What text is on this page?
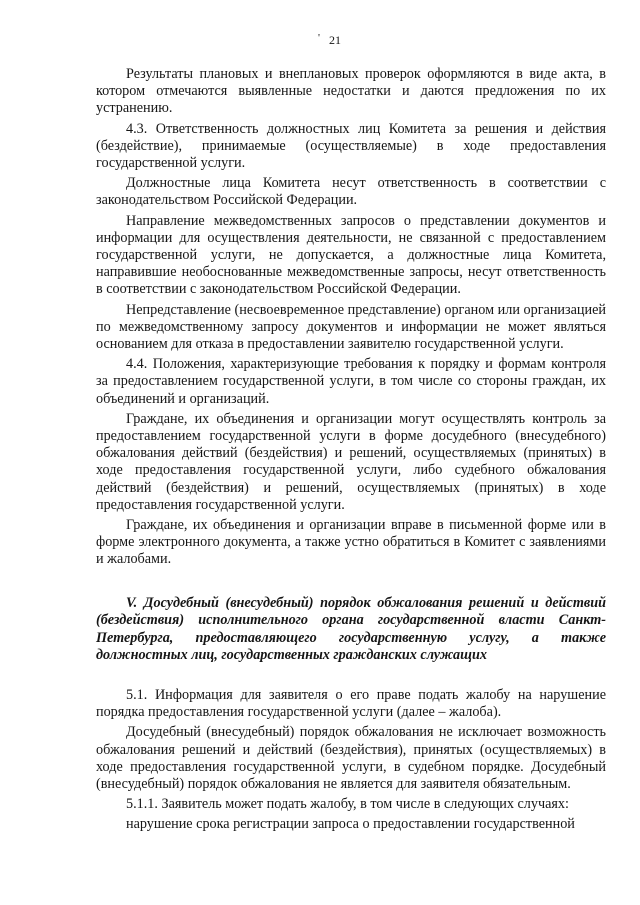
' 21

Результаты плановых и внеплановых проверок оформляются в виде акта, в котором отмечаются выявленные недостатки и даются предложения по их устранению.

4.3. Ответственность должностных лиц Комитета за решения и действия (бездействие), принимаемые (осуществляемые) в ходе предоставления государственной услуги.

Должностные лица Комитета несут ответственность в соответствии с законодательством Российской Федерации.

Направление межведомственных запросов о представлении документов и информации для осуществления деятельности, не связанной с предоставлением государственной услуги, не допускается, а должностные лица Комитета, направившие необоснованные межведомственные запросы, несут ответственность в соответствии с законодательством Российской Федерации.

Непредставление (несвоевременное представление) органом или организацией по межведомственному запросу документов и информации не может являться основанием для отказа в предоставлении заявителю государственной услуги.

4.4. Положения, характеризующие требования к порядку и формам контроля за предоставлением государственной услуги, в том числе со стороны граждан, их объединений и организаций.

Граждане, их объединения и организации могут осуществлять контроль за предоставлением государственной услуги в форме досудебного (внесудебного) обжалования действий (бездействия) и решений, осуществляемых (принятых) в ходе предоставления государственной услуги, либо судебного обжалования действий (бездействия) и решений, осуществляемых (принятых) в ходе предоставления государственной услуги.

Граждане, их объединения и организации вправе в письменной форме или в форме электронного документа, а также устно обратиться в Комитет с заявлениями и жалобами.

V. Досудебный (внесудебный) порядок обжалования решений и действий (бездействия) исполнительного органа государственной власти Санкт-Петербурга, предоставляющего государственную услугу, а также должностных лиц, государственных гражданских служащих

5.1. Информация для заявителя о его праве подать жалобу на нарушение порядка предоставления государственной услуги (далее – жалоба).

Досудебный (внесудебный) порядок обжалования не исключает возможность обжалования решений и действий (бездействия), принятых (осуществляемых) в ходе предоставления государственной услуги, в судебном порядке. Досудебный (внесудебный) порядок обжалования не является для заявителя обязательным.

5.1.1. Заявитель может подать жалобу, в том числе в следующих случаях:

нарушение срока регистрации запроса о предоставлении государственной
